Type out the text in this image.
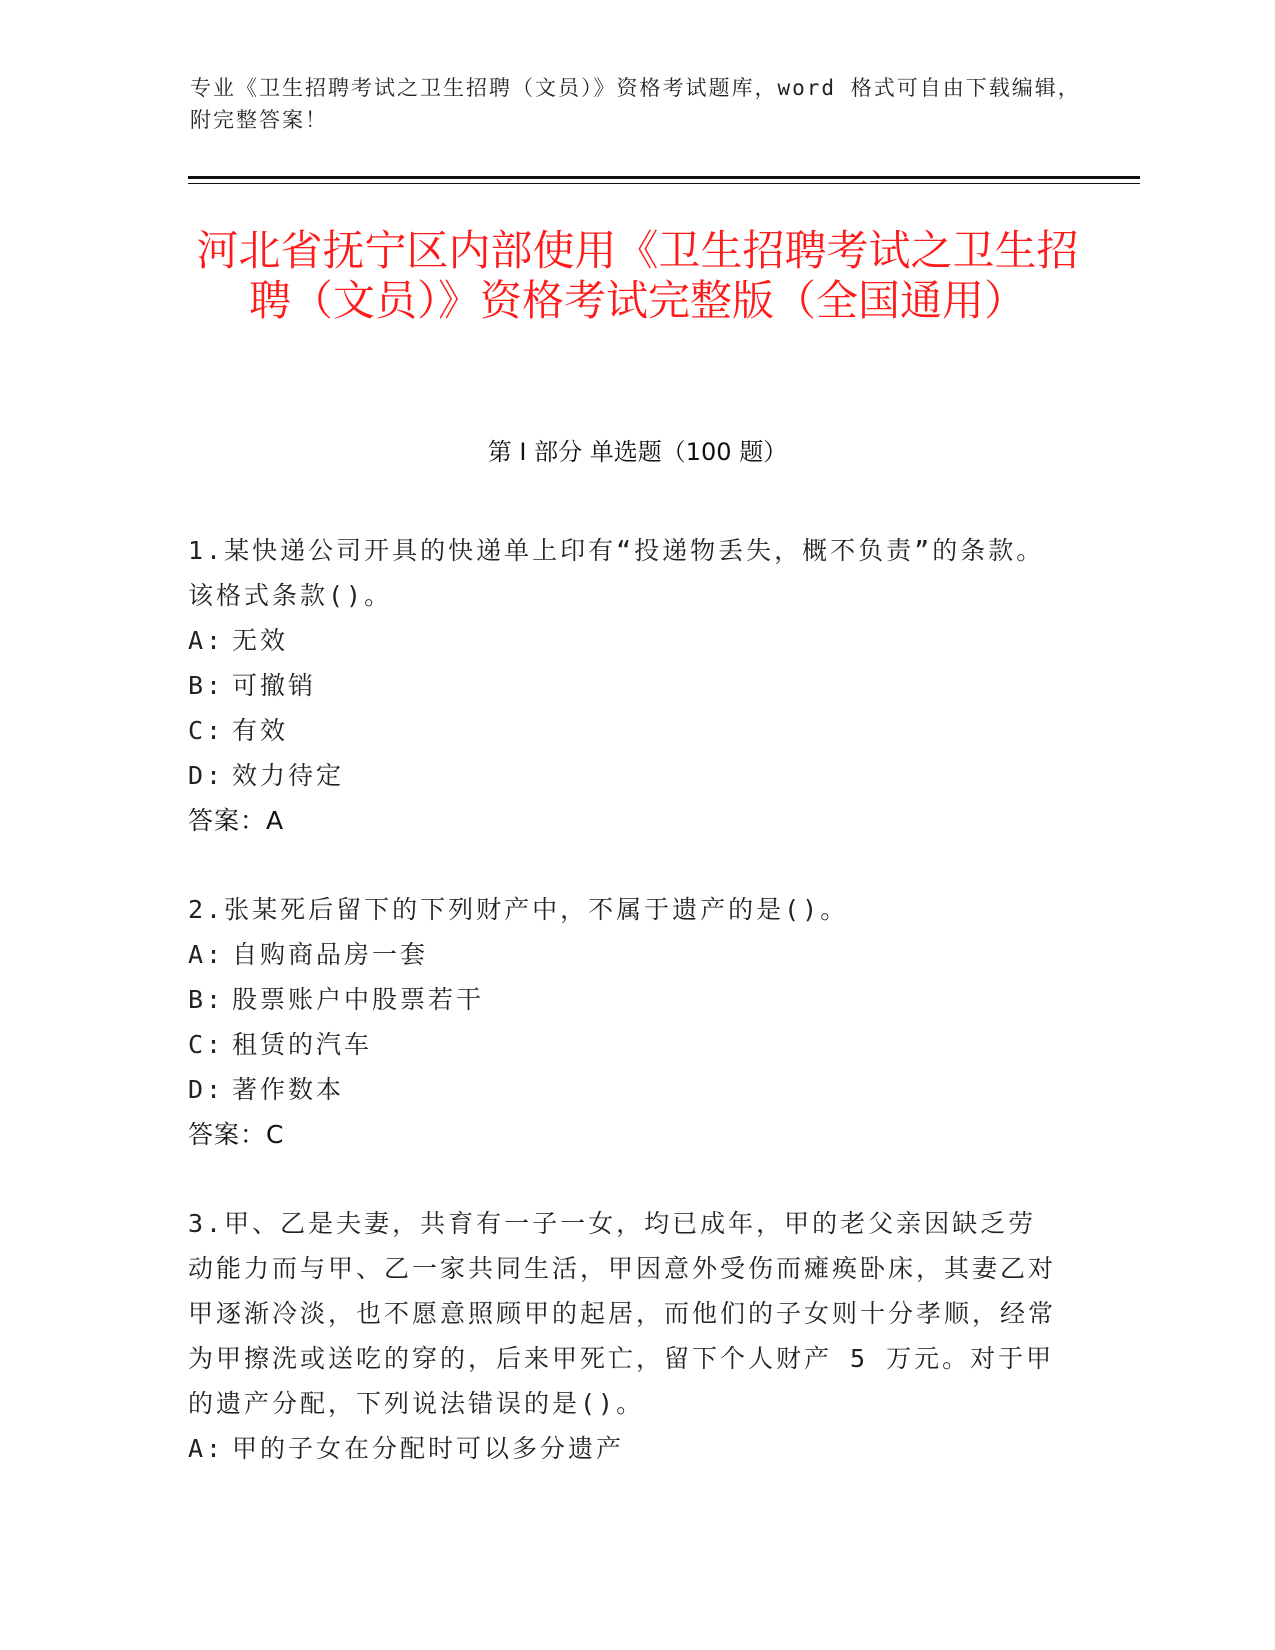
专业《卫生招聘考试之卫生招聘（文员）》资格考试题库，word 格式可自由下载编辑，附完整答案！
河北省抚宁区内部使用《卫生招聘考试之卫生招聘（文员）》资格考试完整版（全国通用）
第 I 部分 单选题（100 题）
1.某快递公司开具的快递单上印有“投递物丢失，概不负责”的条款。该格式条款()。
A: 无效
B: 可撤销
C: 有效
D: 效力待定
答案：A
2.张某死后留下的下列财产中，不属于遗产的是()。
A: 自购商品房一套
B: 股票账户中股票若干
C: 租赁的汽车
D: 著作数本
答案：C
3.甲、乙是夫妻，共育有一子一女，均已成年，甲的老父亲因缺乏劳动能力而与甲、乙一家共同生活，甲因意外受伤而瘫痪卧床，其妻乙对甲逐渐冷淡，也不愿意照顾甲的起居，而他们的子女则十分孝顺，经常为甲擦洗或送吃的穿的，后来甲死亡，留下个人财产 5 万元。对于甲的遗产分配，下列说法错误的是()。
A: 甲的子女在分配时可以多分遗产
